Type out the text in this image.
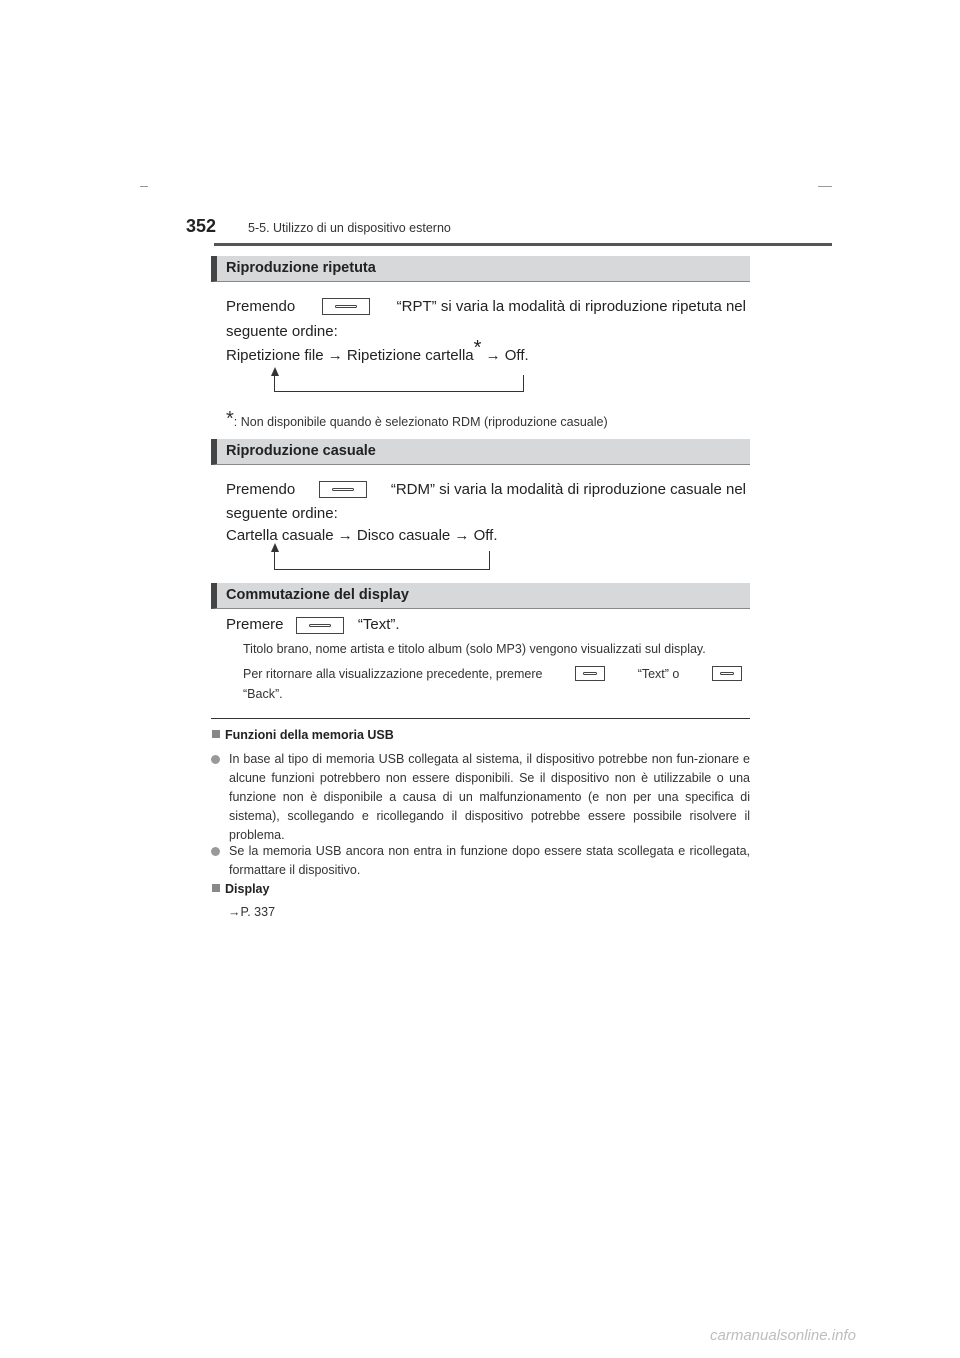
352	5-5. Utilizzo di un dispositivo esterno
Riproduzione ripetuta
Premendo	“RPT” si varia la modalità di riproduzione ripetuta nel
seguente ordine:
Ripetizione file → Ripetizione cartella* → Off.
*: Non disponibile quando è selezionato RDM (riproduzione casuale)
Riproduzione casuale
Premendo	“RDM” si varia la modalità di riproduzione casuale nel
seguente ordine:
Cartella casuale → Disco casuale → Off.
Commutazione del display
Premere	“Text”.
Titolo brano, nome artista e titolo album (solo MP3) vengono visualizzati sul display.
Per ritornare alla visualizzazione precedente, premere	“Text” o
“Back”.
Funzioni della memoria USB
In base al tipo di memoria USB collegata al sistema, il dispositivo potrebbe non fun-zionare e alcune funzioni potrebbero non essere disponibili. Se il dispositivo non è utilizzabile o una funzione non è disponibile a causa di un malfunzionamento (e non per una specifica di sistema), scollegando e ricollegando il dispositivo potrebbe essere possibile risolvere il problema.
Se la memoria USB ancora non entra in funzione dopo essere stata scollegata e ricollegata, formattare il dispositivo.
Display
→P. 337
carmanualsonline.info
